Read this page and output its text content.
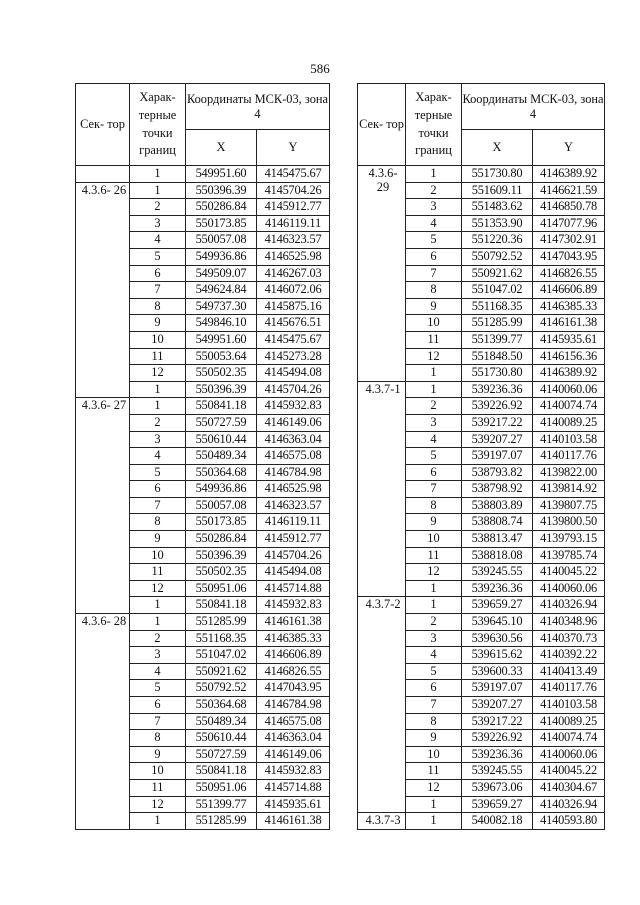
586
Сек- тор	Харак- терные точки границ	Координаты МСК-03, зона 4	
		X	Y
	1	549951.60	4145475.67
4.3.6- 26	1	550396.39	4145704.26
	2	550286.84	4145912.77
	3	550173.85	4146119.11
	4	550057.08	4146323.57
	5	549936.86	4146525.98
	6	549509.07	4146267.03
	7	549624.84	4146072.06
	8	549737.30	4145875.16
	9	549846.10	4145676.51
	10	549951.60	4145475.67
	11	550053.64	4145273.28
	12	550502.35	4145494.08
	1	550396.39	4145704.26
4.3.6- 27	1	550841.18	4145932.83
	2	550727.59	4146149.06
	3	550610.44	4146363.04
	4	550489.34	4146575.08
	5	550364.68	4146784.98
	6	549936.86	4146525.98
	7	550057.08	4146323.57
	8	550173.85	4146119.11
	9	550286.84	4145912.77
	10	550396.39	4145704.26
	11	550502.35	4145494.08
	12	550951.06	4145714.88
	1	550841.18	4145932.83
4.3.6- 28	1	551285.99	4146161.38
	2	551168.35	4146385.33
	3	551047.02	4146606.89
	4	550921.62	4146826.55
	5	550792.52	4147043.95
	6	550364.68	4146784.98
	7	550489.34	4146575.08
	8	550610.44	4146363.04
	9	550727.59	4146149.06
	10	550841.18	4145932.83
	11	550951.06	4145714.88
	12	551399.77	4145935.61
	1	551285.99	4146161.38
Сек- тор	Харак- терные точки границ	Координаты МСК-03, зона 4	
		X	Y
4.3.6- 29	1	551730.80	4146389.92
	2	551609.11	4146621.59
	3	551483.62	4146850.78
	4	551353.90	4147077.96
	5	551220.36	4147302.91
	6	550792.52	4147043.95
	7	550921.62	4146826.55
	8	551047.02	4146606.89
	9	551168.35	4146385.33
	10	551285.99	4146161.38
	11	551399.77	4145935.61
	12	551848.50	4146156.36
	1	551730.80	4146389.92
4.3.7-1	1	539236.36	4140060.06
	2	539226.92	4140074.74
	3	539217.22	4140089.25
	4	539207.27	4140103.58
	5	539197.07	4140117.76
	6	538793.82	4139822.00
	7	538798.92	4139814.92
	8	538803.89	4139807.75
	9	538808.74	4139800.50
	10	538813.47	4139793.15
	11	538818.08	4139785.74
	12	539245.55	4140045.22
	1	539236.36	4140060.06
4.3.7-2	1	539659.27	4140326.94
	2	539645.10	4140348.96
	3	539630.56	4140370.73
	4	539615.62	4140392.22
	5	539600.33	4140413.49
	6	539197.07	4140117.76
	7	539207.27	4140103.58
	8	539217.22	4140089.25
	9	539226.92	4140074.74
	10	539236.36	4140060.06
	11	539245.55	4140045.22
	12	539673.06	4140304.67
	1	539659.27	4140326.94
4.3.7-3	1	540082.18	4140593.80
